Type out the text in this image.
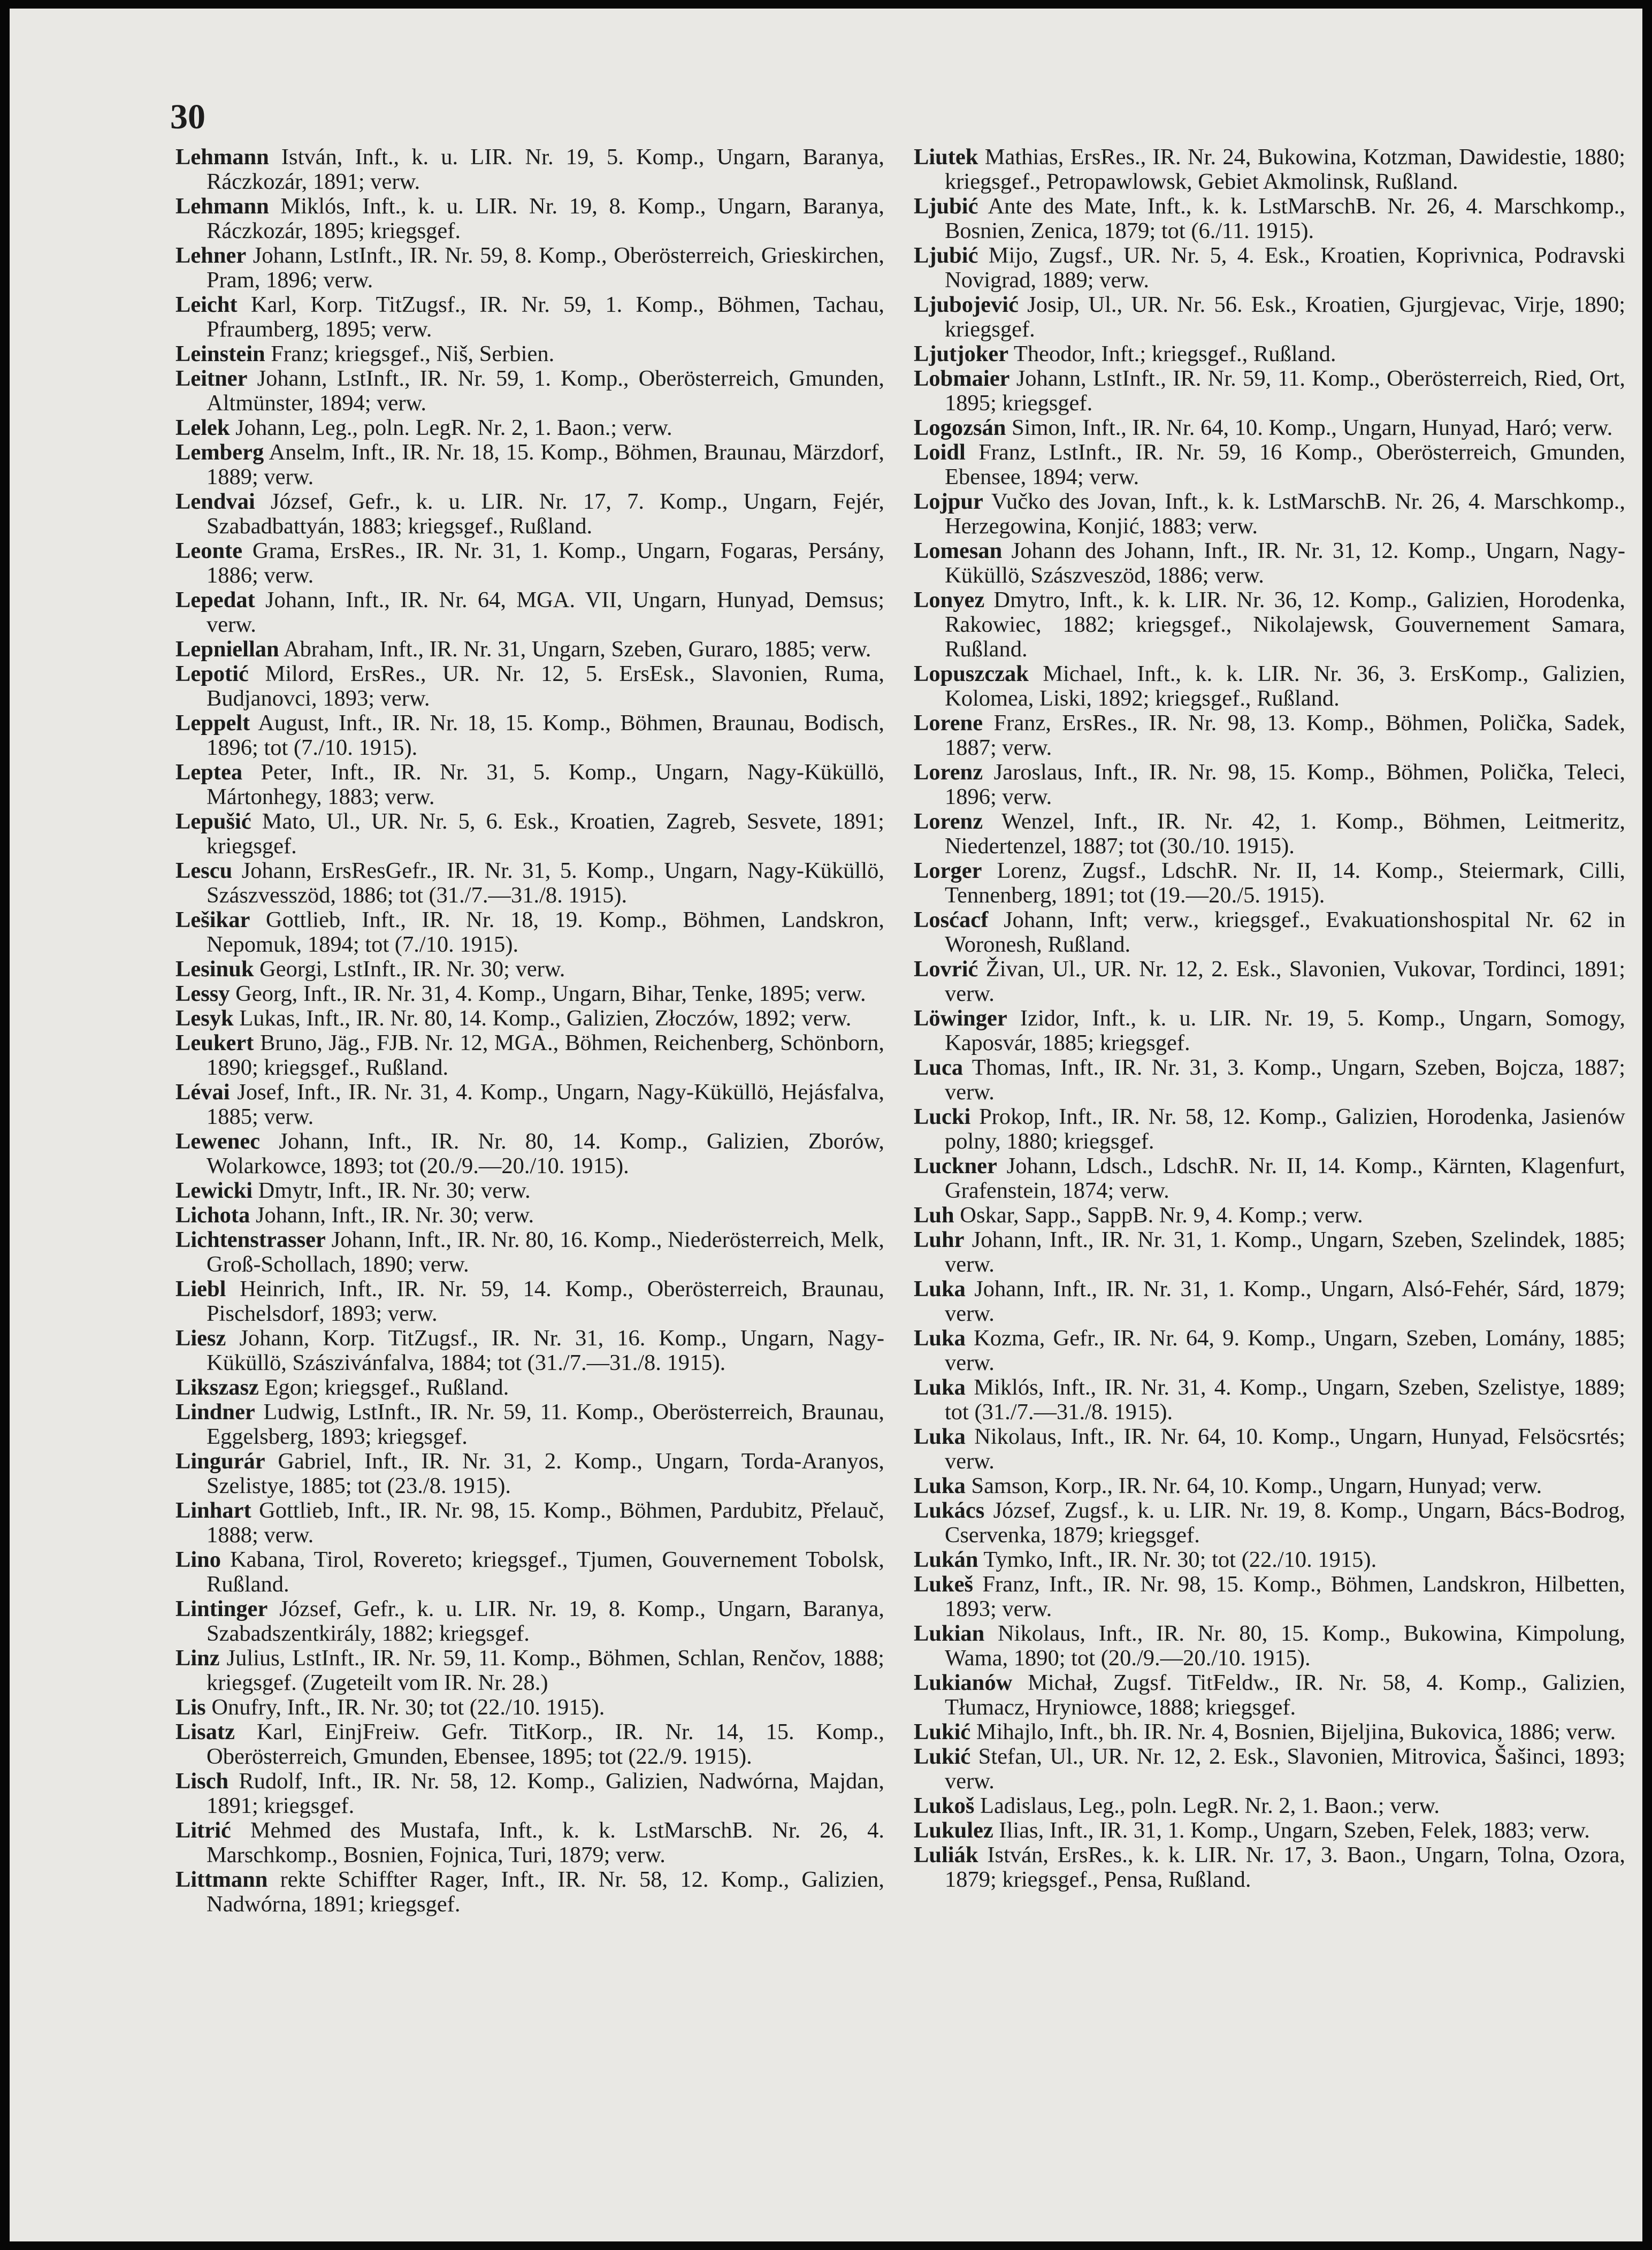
30

Lehmann István, Inft., k. u. LIR. Nr. 19, 5. Komp., Ungarn, Baranya, Ráczkozár, 1891; verw.

Lehmann Miklós, Inft., k. u. LIR. Nr. 19, 8. Komp., Ungarn, Baranya, Ráczkozár, 1895; kriegsgef.

Lehner Johann, LstInft., IR. Nr. 59, 8. Komp., Oberösterreich, Grieskirchen, Pram, 1896; verw.

Leicht Karl, Korp. TitZugsf., IR. Nr. 59, 1. Komp., Böhmen, Tachau, Pfraumberg, 1895; verw.

Leinstein Franz; kriegsgef., Niš, Serbien.

Leitner Johann, LstInft., IR. Nr. 59, 1. Komp., Oberösterreich, Gmunden, Altmünster, 1894; verw.

Lelek Johann, Leg., poln. LegR. Nr. 2, 1. Baon.; verw.

Lemberg Anselm, Inft., IR. Nr. 18, 15. Komp., Böhmen, Braunau, Märzdorf, 1889; verw.

Lendvai József, Gefr., k. u. LIR. Nr. 17, 7. Komp., Ungarn, Fejér, Szabadbattyán, 1883; kriegsgef., Rußland.

Leonte Grama, ErsRes., IR. Nr. 31, 1. Komp., Ungarn, Fogaras, Persány, 1886; verw.

Lepedat Johann, Inft., IR. Nr. 64, MGA. VII, Ungarn, Hunyad, Demsus; verw.

Lepniellan Abraham, Inft., IR. Nr. 31, Ungarn, Szeben, Guraro, 1885; verw.

Lepotić Milord, ErsRes., UR. Nr. 12, 5. ErsEsk., Slavonien, Ruma, Budjanovci, 1893; verw.

Leppelt August, Inft., IR. Nr. 18, 15. Komp., Böhmen, Braunau, Bodisch, 1896; tot (7./10. 1915).

Leptea Peter, Inft., IR. Nr. 31, 5. Komp., Ungarn, Nagy-Küküllö, Mártonhegy, 1883; verw.

Lepušić Mato, Ul., UR. Nr. 5, 6. Esk., Kroatien, Zagreb, Sesvete, 1891; kriegsgef.

Lescu Johann, ErsResGefr., IR. Nr. 31, 5. Komp., Ungarn, Nagy-Küküllö, Szászvesszöd, 1886; tot (31./7.—31./8. 1915).

Lešikar Gottlieb, Inft., IR. Nr. 18, 19. Komp., Böhmen, Landskron, Nepomuk, 1894; tot (7./10. 1915).

Lesinuk Georgi, LstInft., IR. Nr. 30; verw.

Lessy Georg, Inft., IR. Nr. 31, 4. Komp., Ungarn, Bihar, Tenke, 1895; verw.

Lesyk Lukas, Inft., IR. Nr. 80, 14. Komp., Galizien, Złoczów, 1892; verw.

Leukert Bruno, Jäg., FJB. Nr. 12, MGA., Böhmen, Reichenberg, Schönborn, 1890; kriegsgef., Rußland.

Lévai Josef, Inft., IR. Nr. 31, 4. Komp., Ungarn, Nagy-Küküllö, Hejásfalva, 1885; verw.

Lewenec Johann, Inft., IR. Nr. 80, 14. Komp., Galizien, Zborów, Wolarkowce, 1893; tot (20./9.—20./10. 1915).

Lewicki Dmytr, Inft., IR. Nr. 30; verw.

Lichota Johann, Inft., IR. Nr. 30; verw.

Lichtenstrasser Johann, Inft., IR. Nr. 80, 16. Komp., Niederösterreich, Melk, Groß-Schollach, 1890; verw.

Liebl Heinrich, Inft., IR. Nr. 59, 14. Komp., Oberösterreich, Braunau, Pischelsdorf, 1893; verw.

Liesz Johann, Korp. TitZugsf., IR. Nr. 31, 16. Komp., Ungarn, Nagy-Küküllö, Szászivánfalva, 1884; tot (31./7.—31./8. 1915).

Likszasz Egon; kriegsgef., Rußland.

Lindner Ludwig, LstInft., IR. Nr. 59, 11. Komp., Oberösterreich, Braunau, Eggelsberg, 1893; kriegsgef.

Lingurár Gabriel, Inft., IR. Nr. 31, 2. Komp., Ungarn, Torda-Aranyos, Szelistye, 1885; tot (23./8. 1915).

Linhart Gottlieb, Inft., IR. Nr. 98, 15. Komp., Böhmen, Pardubitz, Přelauč, 1888; verw.

Lino Kabana, Tirol, Rovereto; kriegsgef., Tjumen, Gouvernement Tobolsk, Rußland.

Lintinger József, Gefr., k. u. LIR. Nr. 19, 8. Komp., Ungarn, Baranya, Szabadszentkirály, 1882; kriegsgef.

Linz Julius, LstInft., IR. Nr. 59, 11. Komp., Böhmen, Schlan, Renčov, 1888; kriegsgef. (Zugeteilt vom IR. Nr. 28.)

Lis Onufry, Inft., IR. Nr. 30; tot (22./10. 1915).

Lisatz Karl, EinjFreiw. Gefr. TitKorp., IR. Nr. 14, 15. Komp., Oberösterreich, Gmunden, Ebensee, 1895; tot (22./9. 1915).

Lisch Rudolf, Inft., IR. Nr. 58, 12. Komp., Galizien, Nadwórna, Majdan, 1891; kriegsgef.

Litrić Mehmed des Mustafa, Inft., k. k. LstMarschB. Nr. 26, 4. Marschkomp., Bosnien, Fojnica, Turi, 1879; verw.

Littmann rekte Schiffter Rager, Inft., IR. Nr. 58, 12. Komp., Galizien, Nadwórna, 1891; kriegsgef.

Liutek Mathias, ErsRes., IR. Nr. 24, Bukowina, Kotzman, Dawidestie, 1880; kriegsgef., Petropawlowsk, Gebiet Akmolinsk, Rußland.

Ljubić Ante des Mate, Inft., k. k. LstMarschB. Nr. 26, 4. Marschkomp., Bosnien, Zenica, 1879; tot (6./11. 1915).

Ljubić Mijo, Zugsf., UR. Nr. 5, 4. Esk., Kroatien, Koprivnica, Podravski Novigrad, 1889; verw.

Ljubojević Josip, Ul., UR. Nr. 56. Esk., Kroatien, Gjurgjevac, Virje, 1890; kriegsgef.

Ljutjoker Theodor, Inft.; kriegsgef., Rußland.

Lobmaier Johann, LstInft., IR. Nr. 59, 11. Komp., Oberösterreich, Ried, Ort, 1895; kriegsgef.

Logozsán Simon, Inft., IR. Nr. 64, 10. Komp., Ungarn, Hunyad, Haró; verw.

Loidl Franz, LstInft., IR. Nr. 59, 16 Komp., Oberösterreich, Gmunden, Ebensee, 1894; verw.

Lojpur Vučko des Jovan, Inft., k. k. LstMarschB. Nr. 26, 4. Marschkomp., Herzegowina, Konjić, 1883; verw.

Lomesan Johann des Johann, Inft., IR. Nr. 31, 12. Komp., Ungarn, Nagy-Küküllö, Szászveszöd, 1886; verw.

Lonyez Dmytro, Inft., k. k. LIR. Nr. 36, 12. Komp., Galizien, Horodenka, Rakowiec, 1882; kriegsgef., Nikolajewsk, Gouvernement Samara, Rußland.

Lopuszczak Michael, Inft., k. k. LIR. Nr. 36, 3. ErsKomp., Galizien, Kolomea, Liski, 1892; kriegsgef., Rußland.

Lorene Franz, ErsRes., IR. Nr. 98, 13. Komp., Böhmen, Polička, Sadek, 1887; verw.

Lorenz Jaroslaus, Inft., IR. Nr. 98, 15. Komp., Böhmen, Polička, Teleci, 1896; verw.

Lorenz Wenzel, Inft., IR. Nr. 42, 1. Komp., Böhmen, Leitmeritz, Niedertenzel, 1887; tot (30./10. 1915).

Lorger Lorenz, Zugsf., LdschR. Nr. II, 14. Komp., Steiermark, Cilli, Tennenberg, 1891; tot (19.—20./5. 1915).

Losćacf Johann, Inft; verw., kriegsgef., Evakuationshospital Nr. 62 in Woronesh, Rußland.

Lovrić Živan, Ul., UR. Nr. 12, 2. Esk., Slavonien, Vukovar, Tordinci, 1891; verw.

Löwinger Izidor, Inft., k. u. LIR. Nr. 19, 5. Komp., Ungarn, Somogy, Kaposvár, 1885; kriegsgef.

Luca Thomas, Inft., IR. Nr. 31, 3. Komp., Ungarn, Szeben, Bojcza, 1887; verw.

Lucki Prokop, Inft., IR. Nr. 58, 12. Komp., Galizien, Horodenka, Jasienów polny, 1880; kriegsgef.

Luckner Johann, Ldsch., LdschR. Nr. II, 14. Komp., Kärnten, Klagenfurt, Grafenstein, 1874; verw.

Luh Oskar, Sapp., SappB. Nr. 9, 4. Komp.; verw.

Luhr Johann, Inft., IR. Nr. 31, 1. Komp., Ungarn, Szeben, Szelindek, 1885; verw.

Luka Johann, Inft., IR. Nr. 31, 1. Komp., Ungarn, Alsó-Fehér, Sárd, 1879; verw.

Luka Kozma, Gefr., IR. Nr. 64, 9. Komp., Ungarn, Szeben, Lomány, 1885; verw.

Luka Miklós, Inft., IR. Nr. 31, 4. Komp., Ungarn, Szeben, Szelistye, 1889; tot (31./7.—31./8. 1915).

Luka Nikolaus, Inft., IR. Nr. 64, 10. Komp., Ungarn, Hunyad, Felsöcsrtés; verw.

Luka Samson, Korp., IR. Nr. 64, 10. Komp., Ungarn, Hunyad; verw.

Lukács József, Zugsf., k. u. LIR. Nr. 19, 8. Komp., Ungarn, Bács-Bodrog, Cservenka, 1879; kriegsgef.

Lukán Tymko, Inft., IR. Nr. 30; tot (22./10. 1915).

Lukeš Franz, Inft., IR. Nr. 98, 15. Komp., Böhmen, Landskron, Hilbetten, 1893; verw.

Lukian Nikolaus, Inft., IR. Nr. 80, 15. Komp., Bukowina, Kimpolung, Wama, 1890; tot (20./9.—20./10. 1915).

Lukianów Michał, Zugsf. TitFeldw., IR. Nr. 58, 4. Komp., Galizien, Tłumacz, Hryniowce, 1888; kriegsgef.

Lukić Mihajlo, Inft., bh. IR. Nr. 4, Bosnien, Bijeljina, Bukovica, 1886; verw.

Lukić Stefan, Ul., UR. Nr. 12, 2. Esk., Slavonien, Mitrovica, Šašinci, 1893; verw.

Lukoš Ladislaus, Leg., poln. LegR. Nr. 2, 1. Baon.; verw.

Lukulez Ilias, Inft., IR. 31, 1. Komp., Ungarn, Szeben, Felek, 1883; verw.

Luliák István, ErsRes., k. k. LIR. Nr. 17, 3. Baon., Ungarn, Tolna, Ozora, 1879; kriegsgef., Pensa, Rußland.
